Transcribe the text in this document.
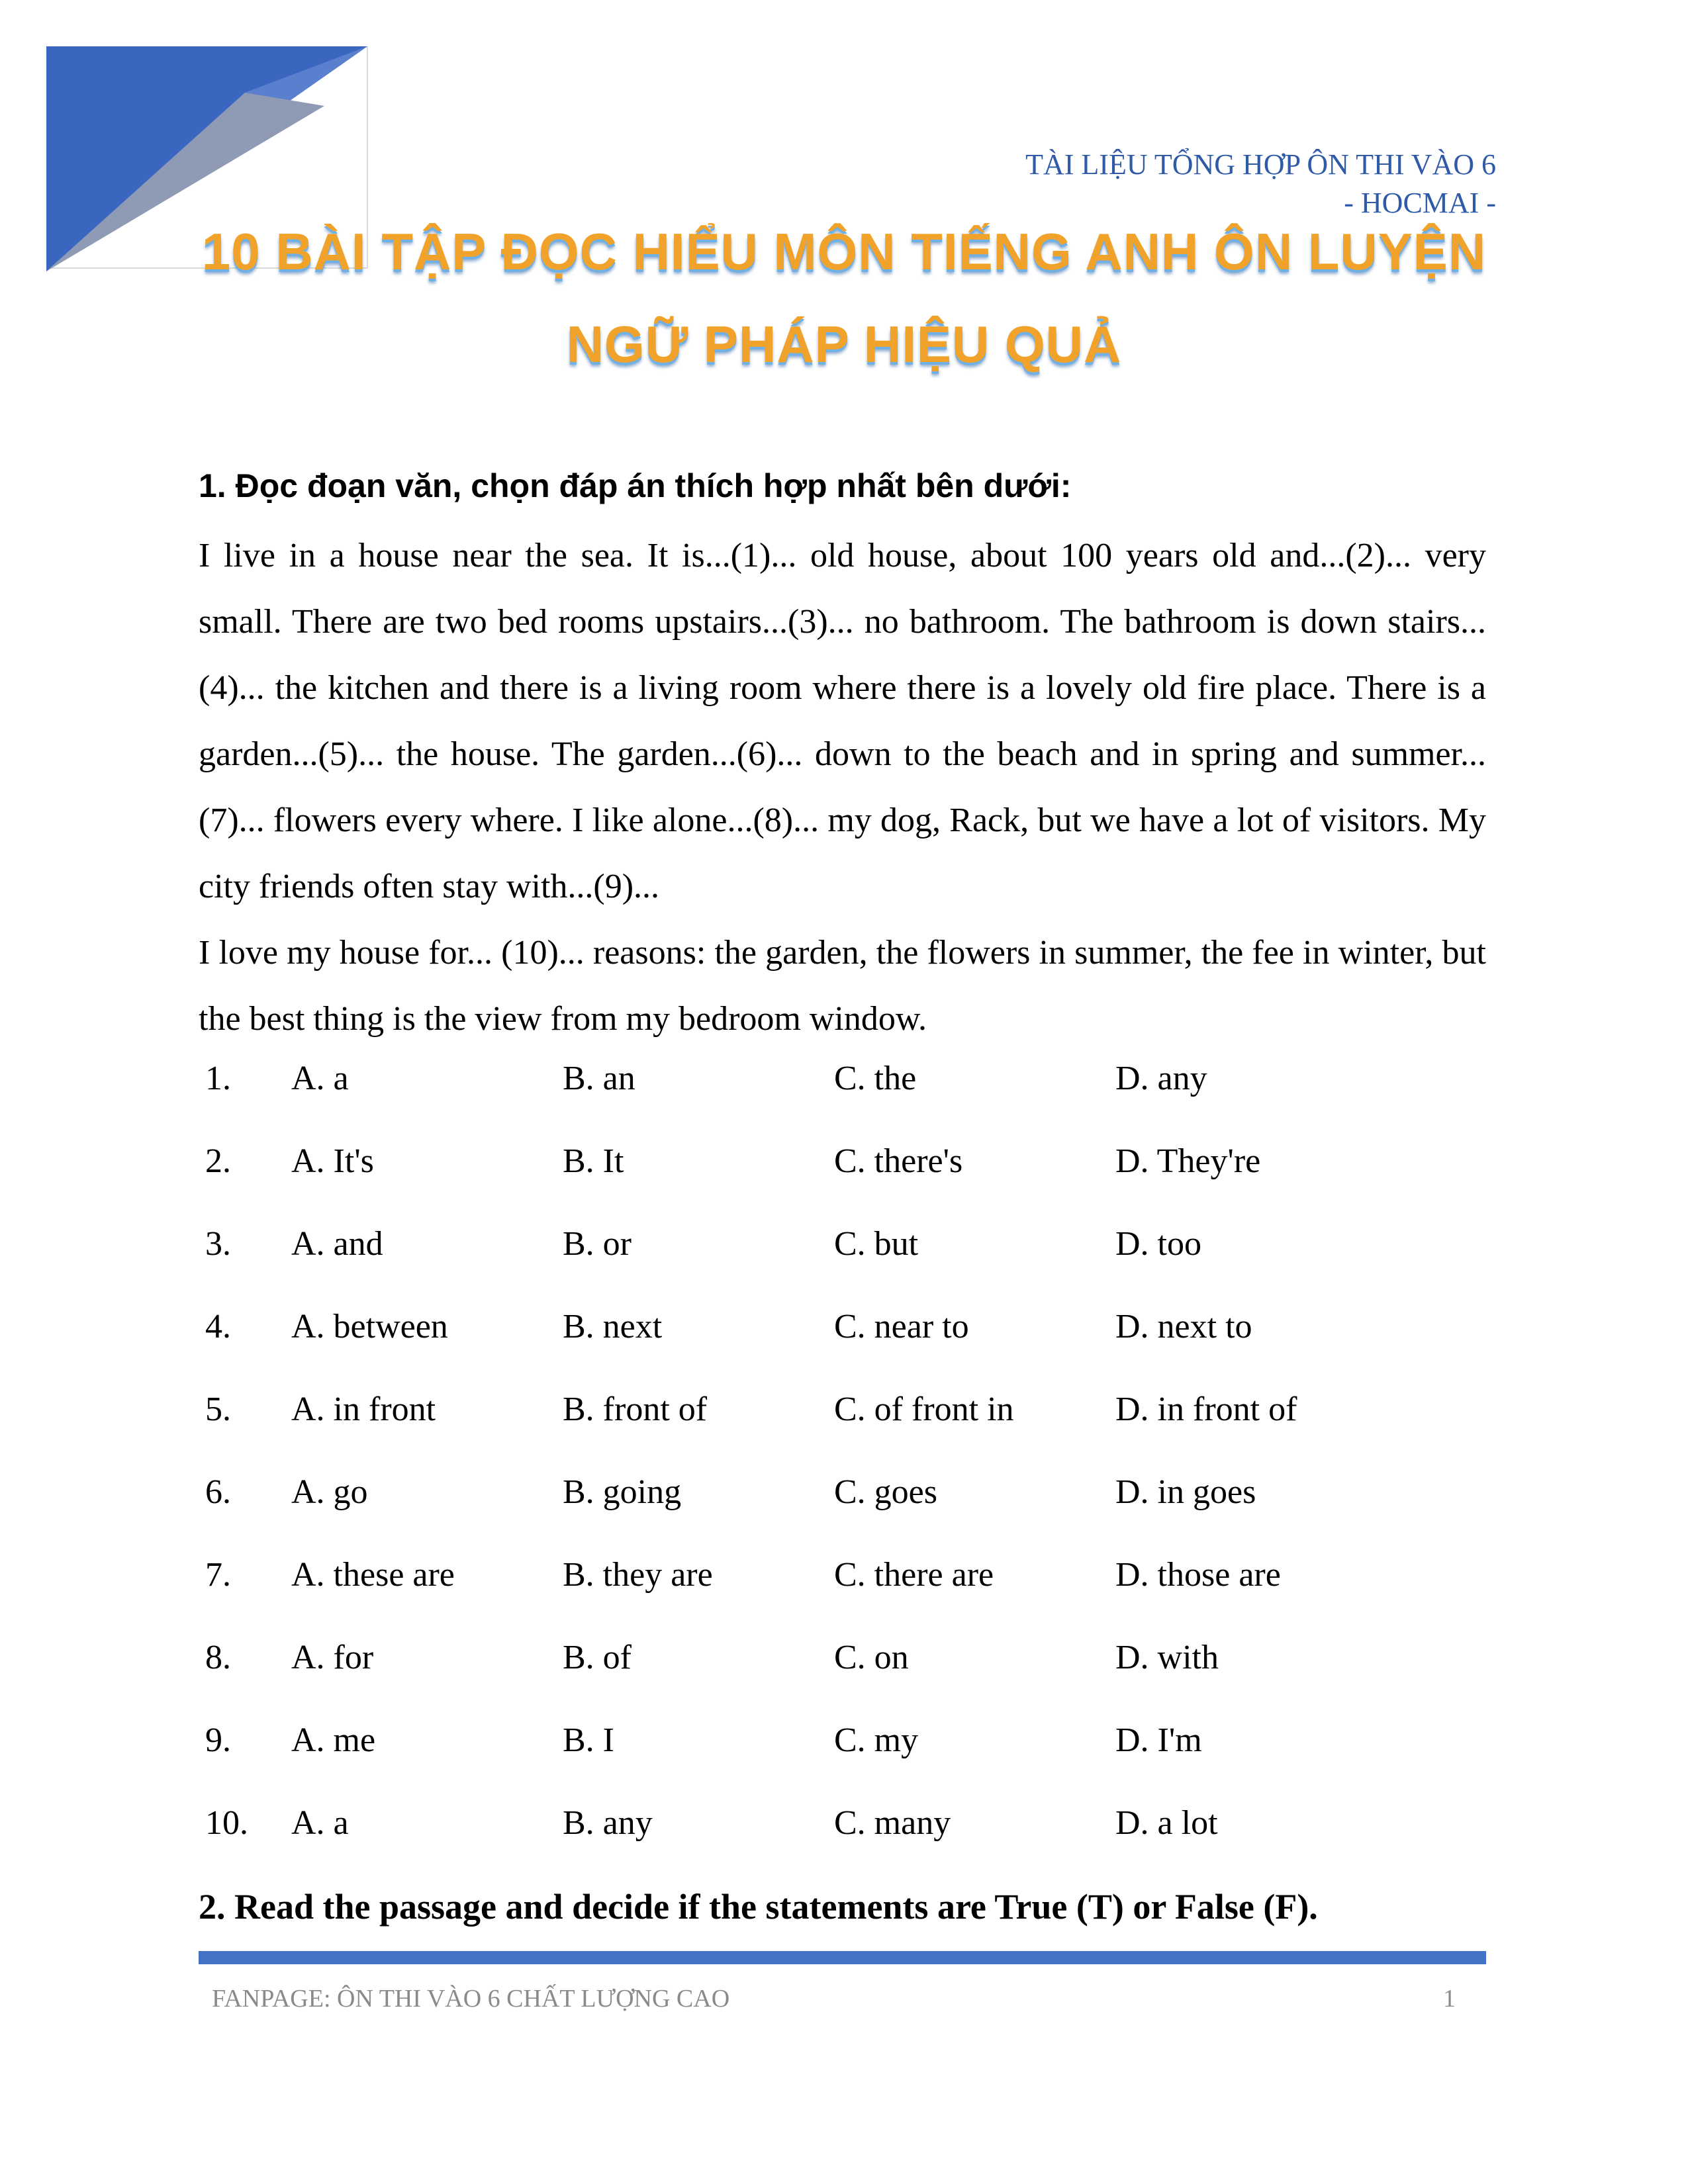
TÀI LIỆU TỔNG HỢP ÔN THI VÀO 6
- HOCMAI -
10 BÀI TẬP ĐỌC HIỂU MÔN TIẾNG ANH ÔN LUYỆN
NGỮ PHÁP HIỆU QUẢ
1. Đọc đoạn văn, chọn đáp án thích hợp nhất bên dưới:

I live in a house near the sea. It is...(1)... old house, about 100 years old and...(2)... very small. There are two bed rooms upstairs...(3)... no bathroom. The bathroom is down stairs... (4)... the kitchen and there is a living room where there is a lovely old fire place. There is a garden...(5)... the house. The garden...(6)... down to the beach and in spring and summer...(7)... flowers every where. I like alone...(8)... my dog, Rack, but we have a lot of visitors. My city friends often stay with...(9)...

I love my house for... (10)... reasons: the garden, the flowers in summer, the fee in winter, but the best thing is the view from my bedroom window.

1. A. a	B. an	C. the	D. any
2. A. It's	B. It	C. there's	D. They're
3. A. and	B. or	C. but	D. too
4. A. between	B. next	C. near to	D. next to
5. A. in front	B. front of	C. of front in	D. in front of
6. A. go	B. going	C. goes	D. in goes
7. A. these are	B. they are	C. there are	D. those are
8. A. for	B. of	C. on	D. with
9. A. me	B. I	C. my	D. I'm
10. A. a	B. any	C. many	D. a lot
2. Read the passage and decide if the statements are True (T) or False (F).
FANPAGE: ÔN THI VÀO 6 CHẤT LƯỢNG CAO	1
